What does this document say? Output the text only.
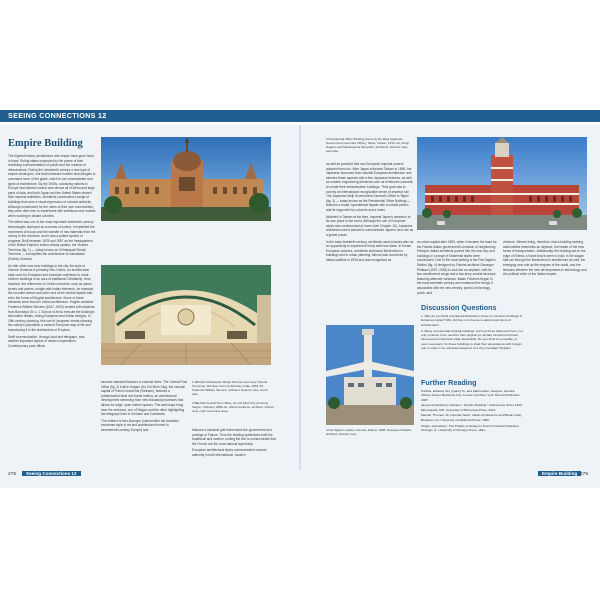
SEEING CONNECTIONS 12
Empire Building

The highest history, architecture and empire have gone hand in hand. Ruling states expanded by the power of their rebuilding a demonstration of power and the creation of infrastructure. During the nineteenth century a new type of empire developed, one that increased modern technologies to command more of the globe, which in turn necessitated new types of architecture. By the 1900s, colonizing nations in Europe had claimed control over almost all of Africa and large parts of Asia, and both Japan and the United States shared their imperial ambitions. Architects constructed a range of buildings that were a visual expression of colonial authority. Although constructed for the rulers of their own communities, they were often free to experiment with ambitious new models when working in distant colonies.

The tallest was one of the most important nineteenth-century technologies deployed as a means of control. It expedited the movement of troops and the transfer of raw materials from the colony to the colonizer, and it was a potent symbol of progress. Built between 1878 and 1887 as the headquarters of the British Empire's Indian railway system, the Victoria Terminus (fig. 1) — today known as Chhatrapati Shivaji Terminus — exemplifies the architecture of colonialism (Gothic) Mumbai.

As with other new civic buildings in the city, the style of Victoria Terminus is primarily Neo-Gothic, an architectural style used for European and American architects to cloak modern buildings in an aura of traditional Christianity. Here, however, the references to Gothic churches, such as spires, turrets and arches, mingle with Indian elements, for example the rounded domes and other end of the central façade that echo the forms of Mughal architecture. Some of these elements were found in Indian architecture. English architect Frederick William Stevens (1847–1900) worked with students from Bombay's Sir J. J. School of Art to execute the building's decorative details, mixing European and Indian designs. In 19th-century planning, this sort of 'progress' meant showing the colony's population a modern European way of life and reproducing it in the architecture of Empires.

Swift communication, through post and telegraph, was another important aspect of modern imperialism. Contemporary post offices

became standard features in colonial cities. The Central Post Office (fig. 2) built in Saigon (Ho Chi Minh City), the colonial capital of French Indochina (Vietnam), features a prefabricated steel iron frame interior, an architectural development stemming from new industrial processes that allows for large, open interior spaces. The wall maps hung near the entrance, one of Saigon and the other highlighting the telegraph lines in Vietnam and Cambodia.

The exterior is Neo-Baroque (named after the dramatic, exuberant style of art and architecture formed in seventeenth-century Europe) and

1 ABOVE Chhatrapati Shivaji Terminus (formerly Victoria Terminus), Mumbai, formerly Bombay, India, 1878–87, Frederick William Stevens, architect. Exterior view, south side.
2 BELOW Central Post Office, Ho Chi Minh City (formerly Saigon, Vietnam) 1886–91, Alfred Foulhoux, architect. Interior view, main concourse area.

features a classical grid that evokes the government and prestige of France. Thus the building symbolizes both the traditional and modern, uniting the two to communicate that the French are the most rational superiority.

European architectural styles communicated colonial authority in both international, modern

3 Presidential Office Building (formerly the Meiji Japanese Government-General's Office), Taipei, Taiwan, 1912–19, Uheiji Nagano and Mastsuyama Moriyoshi, architects. Exterior view, east side.

as well as powerful that non-European imperial powers adopted them too. After Japan colonized Taiwan in 1895, the Japanese borrowed from colonial European architecture and blended those aspects with a few Japanese features, as well as modern engineering elements such as reinforced concrete, to create their administrative buildings. Their goal was to convey an international recognizable sense of imperial rule. The Japanese-Meiji Government-General's Office in Taipei (fig. 3) — today known as the Presidential Office Building — features a broad, symmetrical façade with a central portico and its supported by columns and a tower.

Modeled in Taiwan at the time, Imperial Japan's assertion of its own place in the world. Although the use of European styles was controversial at home (see Chapter 14), Japanese architects used it abroad to communicate Japan's new role as a global power.

In the early twentieth century, architects used colonies also as an opportunity to experiment freely with new ideas. In former European colonies, architects embraced Modernism in buildings and in urban planning. Almost was conceived by Italian soldiers in 1935 and was recognized as

an urban capital after 1890, when it became the base for the Fascist Italian government's invasion of neighboring Ethiopia. Italian architects poured into the new city, and buildings in a range of Modernist styles were constructed. One of the most striking is the Fiat Tagliero Station (fig. 4) designed by Futurist architect Giuseppe Pettazzi (1907–1963) to look like an airplane, with its two cantilevered wings and a two-story central structure featuring alternate windows. Italian Futurism began in the early twentieth century and embraced the things it associated with the new century: speed, technology, youth, and

violence. Stream lining, therefore, that a building seeking automobiles resembles an airplane, the leader of the new forms of transportation. Additionally, the building sat on the edge of Eritrea, a future that is seen to hold, in the slogan that ran through the Modernism in architecture as well, the emerging new role as the engines of the world, and the tensions between the new developments in technology and the political order of the Italian empire.

4 Fiat Tagliero station, Asmara, Eritrea, 1938, Giuseppe Pettazzi, architect. Exterior view.
Discussion Questions
1. Why do you think colonial administrators chose to construct buildings in European styles? Why did they not choose to adopt local forms of architecture?
2. Many monumental colonial buildings, such as those discussed here, not only continue to be used for their original (or similar) functions but have also become important urban landmarks. Do you think it is possible, or even necessary, for these buildings to shed their associations with foreign rule in order to be celebrated aspects of a city's heritage? Explain.
Further Reading
Carlisle, Edward, Sel, Quang Tu, and Sahrreuther, Jacques. Asmara: Africa's Secret Modernist City. London and New York: Merrell Publishers, 2007.
James-Chakraborty, Kathleen. "Empire Building." Architecture Since 1400. Minneapolis, MN: University of Minnesota Press, 2014.
Metcalf, Thomas. An Imperial Vision: Indian Architecture and Britain's Raj. Berkeley, CA: University of California Press, 1989.
Wright, Gwendolyn. The Politics of Design in French Colonial Urbanism. Chicago, IL: University of Chicago Press, 1991.
278	Seeing Connections 12	Empire Building 279
